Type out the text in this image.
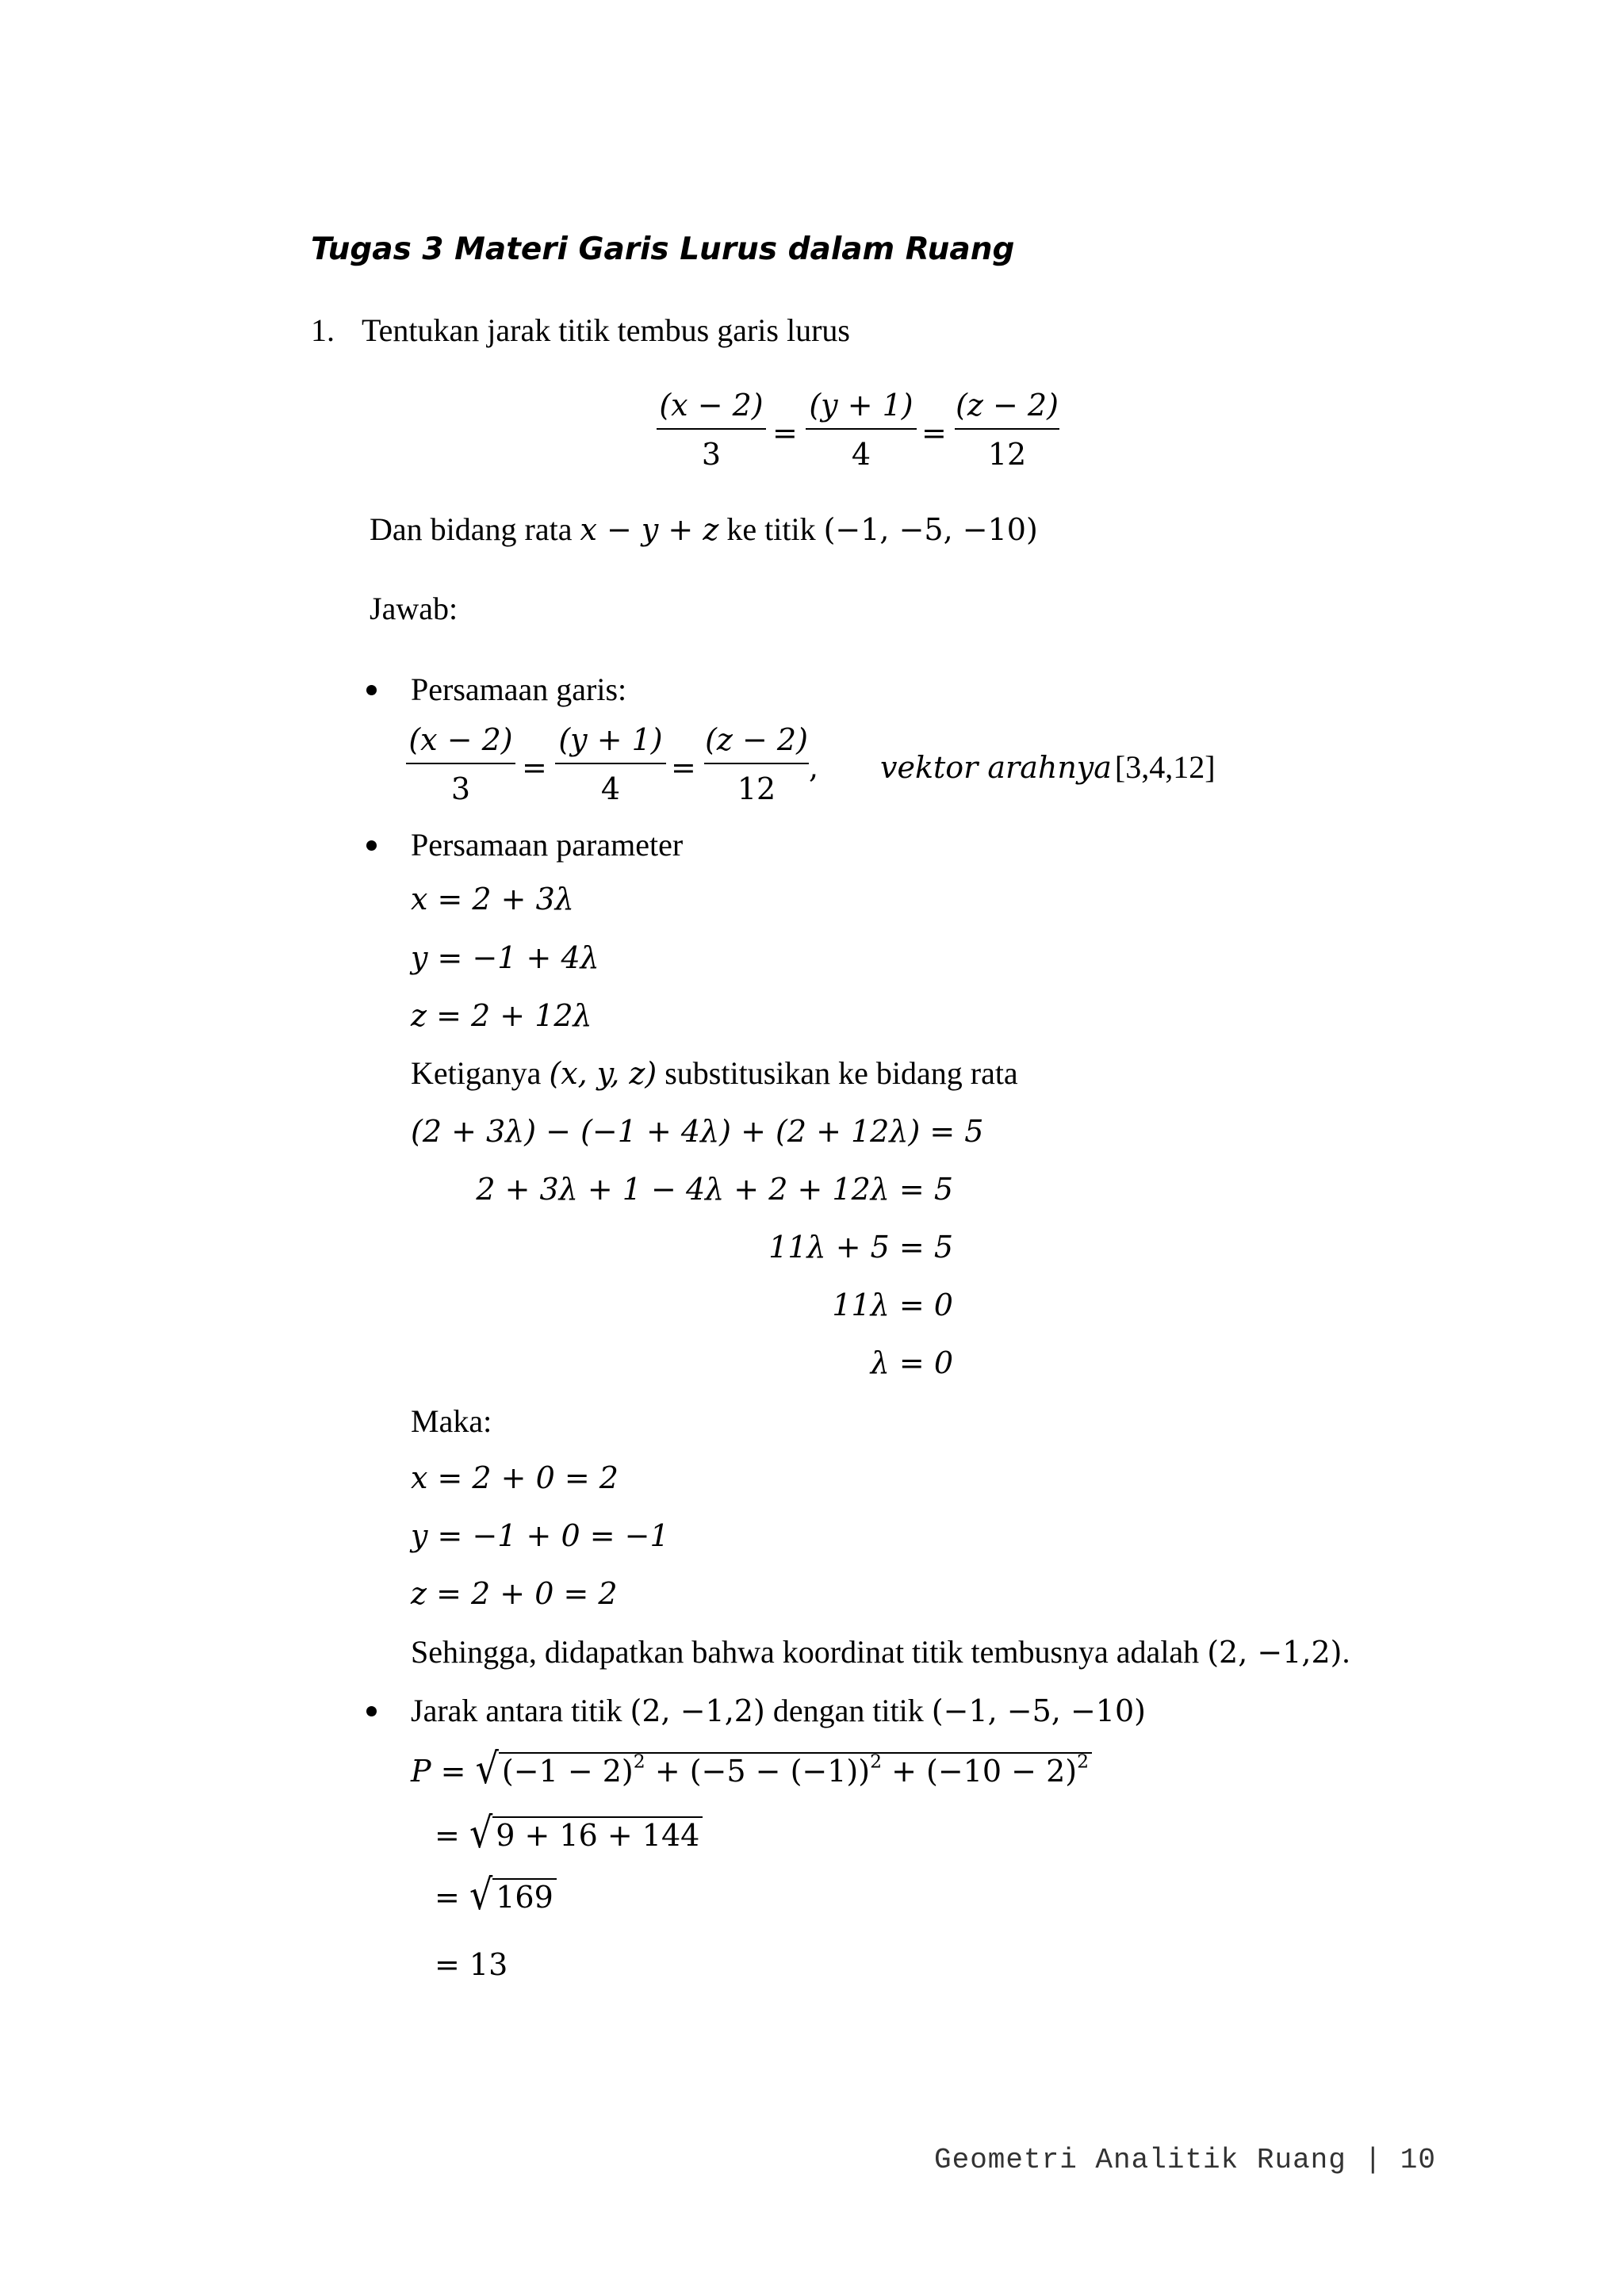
Tugas 3 Materi Garis Lurus dalam Ruang
1. Tentukan jarak titik tembus garis lurus
(x − 2)
3
=
(y + 1)
4
=
(z − 2)
12
Dan bidang rata x − y + z ke titik (−1, −5, −10)
Jawab:
Persamaan garis:
(x − 2)
3
=
(y + 1)
4
=
(z − 2)
12
, vektor arahnya [3,4,12]
Persamaan parameter
x = 2 + 3λ
y = −1 + 4λ
z = 2 + 12λ
Ketiganya (x, y, z) substitusikan ke bidang rata
(2 + 3λ) − (−1 + 4λ) + (2 + 12λ) = 5
2 + 3λ + 1 − 4λ + 2 + 12λ = 5
11λ + 5 = 5
11λ = 0
λ = 0
Maka:
x = 2 + 0 = 2
y = −1 + 0 = −1
z = 2 + 0 = 2
Sehingga, didapatkan bahwa koordinat titik tembusnya adalah (2, −1,2).
Jarak antara titik (2, −1,2) dengan titik (−1, −5, −10)
P = √ $(-1 - 2)^2 + (-5 - (-1))^2 + (-10 - 2)^2$
= √ 9 + 16 + 144
= √ 169
= 13
Geometri Analitik Ruang | 10
